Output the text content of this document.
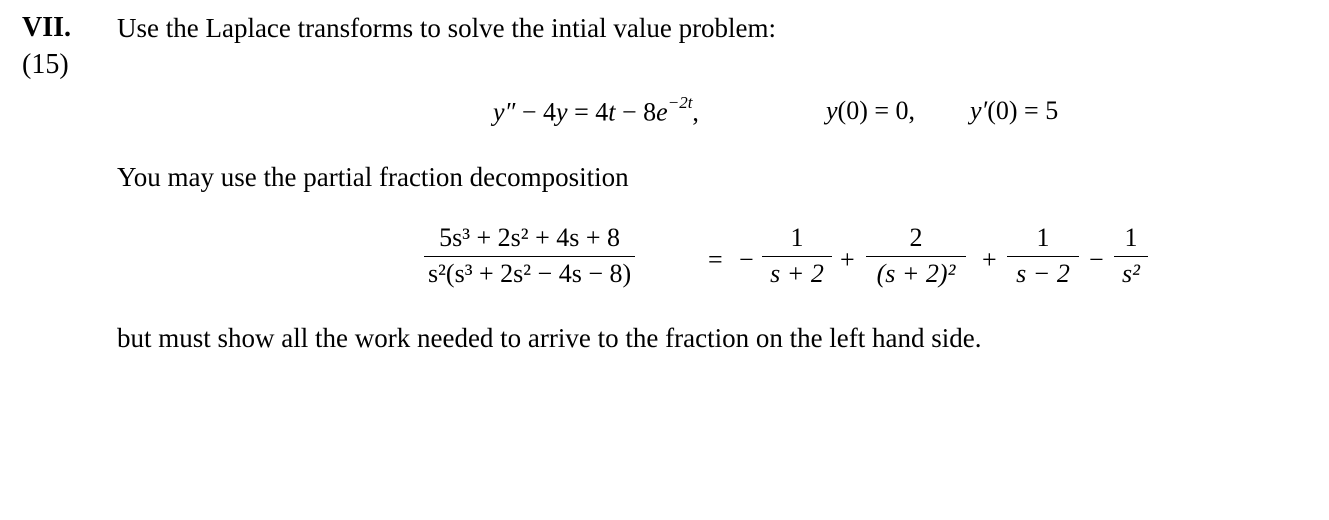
VII.
(15)
Use the Laplace transforms to solve the intial value problem:
$y'' - 4y = 4t - 8e^{-2t}$,	y(0) = 0, y′(0) = 5
You may use the partial fraction decomposition
5s³ + 2s² + 4s + 8
s²(s³ + 2s² − 4s − 8)	= −
1
s + 2 +
2
(s + 2)² +
1
s − 2 −
1
s²
but must show all the work needed to arrive to the fraction on the left hand side.
